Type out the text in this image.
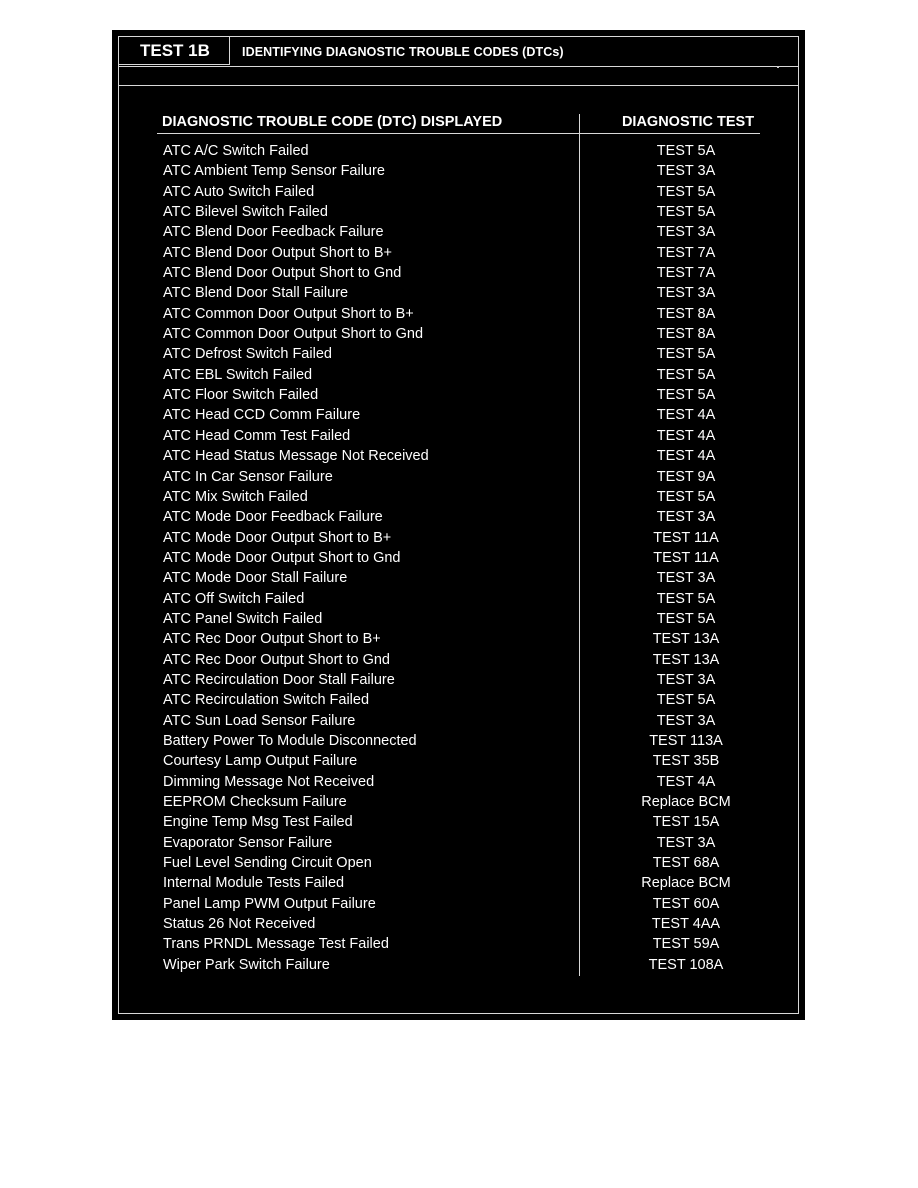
TEST 1B	IDENTIFYING DIAGNOSTIC TROUBLE CODES (DTCs)
DIAGNOSTIC TROUBLE CODE (DTC) DISPLAYED	DIAGNOSTIC TEST
ATC A/C Switch Failed	TEST 5A
ATC Ambient Temp Sensor Failure	TEST 3A
ATC Auto Switch Failed	TEST 5A
ATC Bilevel Switch Failed	TEST 5A
ATC Blend Door Feedback Failure	TEST 3A
ATC Blend Door Output Short to B+	TEST 7A
ATC Blend Door Output Short to Gnd	TEST 7A
ATC Blend Door Stall Failure	TEST 3A
ATC Common Door Output Short to B+	TEST 8A
ATC Common Door Output Short to Gnd	TEST 8A
ATC Defrost Switch Failed	TEST 5A
ATC EBL Switch Failed	TEST 5A
ATC Floor Switch Failed	TEST 5A
ATC Head CCD Comm Failure	TEST 4A
ATC Head Comm Test Failed	TEST 4A
ATC Head Status Message Not Received	TEST 4A
ATC In Car Sensor Failure	TEST 9A
ATC Mix Switch Failed	TEST 5A
ATC Mode Door Feedback Failure	TEST 3A
ATC Mode Door Output Short to B+	TEST 11A
ATC Mode Door Output Short to Gnd	TEST 11A
ATC Mode Door Stall Failure	TEST 3A
ATC Off Switch Failed	TEST 5A
ATC Panel Switch Failed	TEST 5A
ATC Rec Door Output Short to B+	TEST 13A
ATC Rec Door Output Short to Gnd	TEST 13A
ATC Recirculation Door Stall Failure	TEST 3A
ATC Recirculation Switch Failed	TEST 5A
ATC Sun Load Sensor Failure	TEST 3A
Battery Power To Module Disconnected	TEST 113A
Courtesy Lamp Output Failure	TEST 35B
Dimming Message Not Received	TEST 4A
EEPROM Checksum Failure	Replace BCM
Engine Temp Msg Test Failed	TEST 15A
Evaporator Sensor Failure	TEST 3A
Fuel Level Sending Circuit Open	TEST 68A
Internal Module Tests Failed	Replace BCM
Panel Lamp PWM Output Failure	TEST 60A
Status 26 Not Received	TEST 4AA
Trans PRNDL Message Test Failed	TEST 59A
Wiper Park Switch Failure	TEST 108A
